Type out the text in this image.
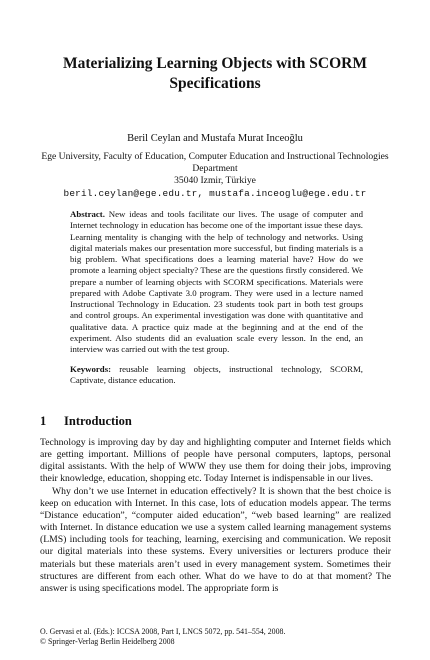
Materializing Learning Objects with SCORM Specifications
Beril Ceylan and Mustafa Murat Inceoğlu
Ege University, Faculty of Education, Computer Education and Instructional Technologies
Department
35040 Izmir, Türkiye
beril.ceylan@ege.edu.tr, mustafa.inceoglu@ege.edu.tr
Abstract. New ideas and tools facilitate our lives. The usage of computer and Internet technology in education has become one of the important issue these days. Learning mentality is changing with the help of technology and networks. Using digital materials makes our presentation more successful, but finding materials is a big problem. What specifications does a learning material have? How do we promote a learning object specialty? These are the questions firstly considered. We prepare a number of learning objects with SCORM specifications. Materials were prepared with Adobe Captivate 3.0 program. They were used in a lecture named Instructional Technology in Education. 23 students took part in both test groups and control groups. An experimental investigation was done with quantitative and qualitative data. A practice quiz made at the beginning and at the end of the experiment. Also students did an evaluation scale every lesson. In the end, an interview was carried out with the test group.
Keywords: reusable learning objects, instructional technology, SCORM, Captivate, distance education.
1 Introduction

Technology is improving day by day and highlighting computer and Internet fields which are getting important. Millions of people have personal computers, laptops, personal digital assistants. With the help of WWW they use them for doing their jobs, improving their knowledge, education, shopping etc. Today Internet is indispensable in our lives.

Why don’t we use Internet in education effectively? It is shown that the best choice is keep on education with Internet. In this case, lots of education models appear. The terms “Distance education”, “computer aided education”, “web based learning” are realized with Internet. In distance education we use a system called learning management systems (LMS) including tools for teaching, learning, exercising and communication. We reposit our digital materials into these systems. Every universities or lecturers produce their materials but these materials aren’t used in every management system. Sometimes their structures are different from each other. What do we have to do at that moment? The answer is using specifications model. The appropriate form is

O. Gervasi et al. (Eds.): ICCSA 2008, Part I, LNCS 5072, pp. 541–554, 2008.
© Springer-Verlag Berlin Heidelberg 2008
